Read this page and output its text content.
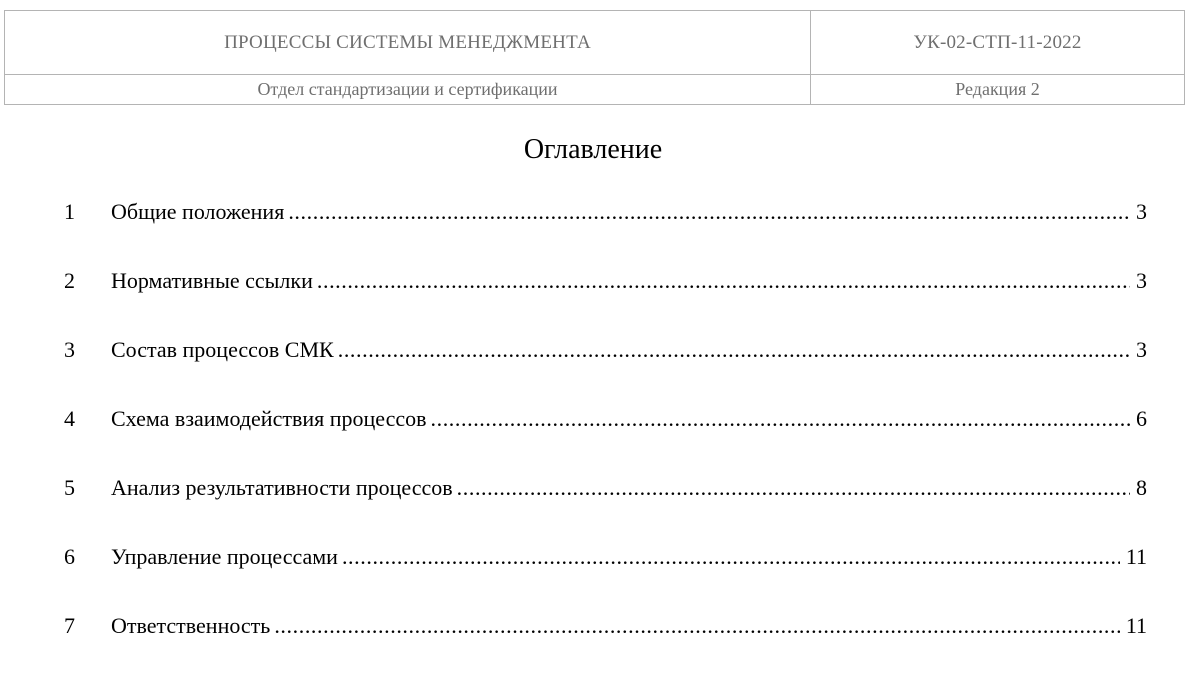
ПРОЦЕССЫ СИСТЕМЫ МЕНЕДЖМЕНТА	УК-02-СТП-11-2022
Отдел стандартизации и сертификации	Редакция 2
Оглавление
1	Общие положения .....	3
2	Нормативные ссылки .....	3
3	Состав процессов СМК .....	3
4	Схема взаимодействия процессов .....	6
5	Анализ результативности процессов .....	8
6	Управление процессами .....	11
7	Ответственность .....	11
